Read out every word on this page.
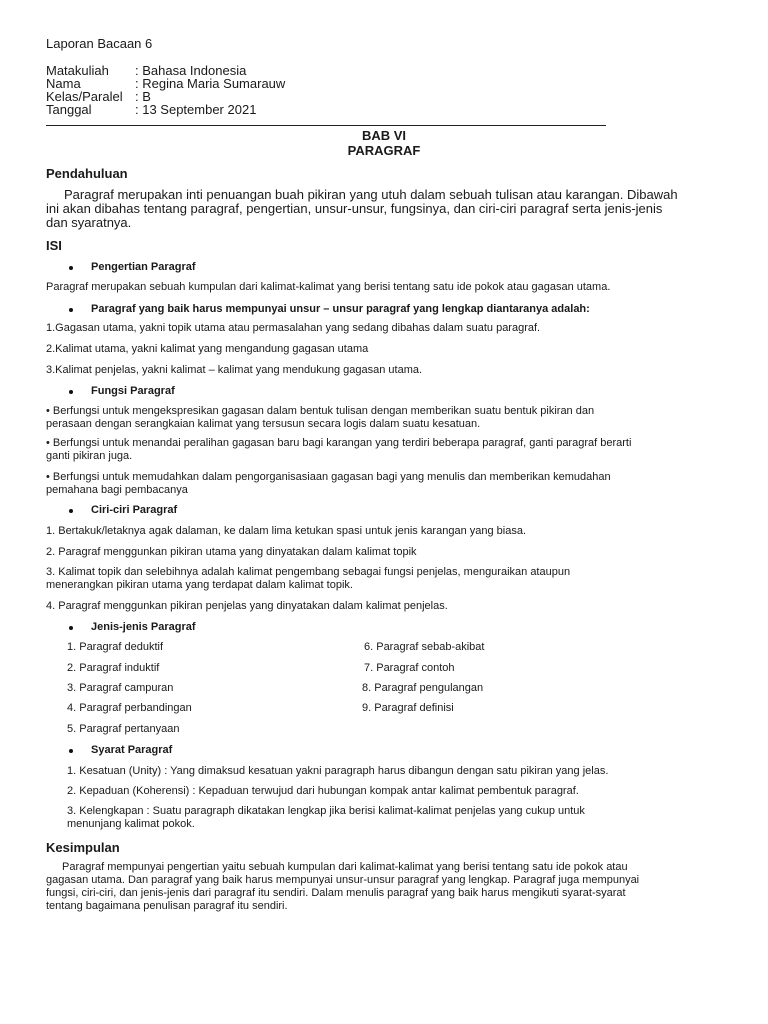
Laporan Bacaan 6
Matakuliah : Bahasa Indonesia
Nama	: Regina Maria Sumarauw
Kelas/Paralel : B
Tanggal	: 13 September 2021
BAB VI
PARAGRAF
Pendahuluan
Paragraf merupakan inti penuangan buah pikiran yang utuh dalam sebuah tulisan atau karangan. Dibawah
ini akan dibahas tentang paragraf, pengertian, unsur-unsur, fungsinya, dan ciri-ciri paragraf serta jenis-jenis
dan syaratnya.
ISI
Pengertian Paragraf
Paragraf merupakan sebuah kumpulan dari kalimat-kalimat yang berisi tentang satu ide pokok atau gagasan utama.
Paragraf yang baik harus mempunyai unsur – unsur paragraf yang lengkap diantaranya adalah:
1.Gagasan utama, yakni topik utama atau permasalahan yang sedang dibahas dalam suatu paragraf.
2.Kalimat utama, yakni kalimat yang mengandung gagasan utama
3.Kalimat penjelas, yakni kalimat – kalimat yang mendukung gagasan utama.
Fungsi Paragraf
• Berfungsi untuk mengekspresikan gagasan dalam bentuk tulisan dengan memberikan suatu bentuk pikiran dan
perasaan dengan serangkaian kalimat yang tersusun secara logis dalam suatu kesatuan.
• Berfungsi untuk menandai peralihan gagasan baru bagi karangan yang terdiri beberapa paragraf, ganti paragraf berarti
ganti pikiran juga.
• Berfungsi untuk memudahkan dalam pengorganisasiaan gagasan bagi yang menulis dan memberikan kemudahan
pemahana bagi pembacanya
Ciri-ciri Paragraf
1. Bertakuk/letaknya agak dalaman, ke dalam lima ketukan spasi untuk jenis karangan yang biasa.
2. Paragraf menggunkan pikiran utama yang dinyatakan dalam kalimat topik
3. Kalimat topik dan selebihnya adalah kalimat pengembang sebagai fungsi penjelas, menguraikan ataupun
menerangkan pikiran utama yang terdapat dalam kalimat topik.
4. Paragraf menggunkan pikiran penjelas yang dinyatakan dalam kalimat penjelas.
Jenis-jenis Paragraf
1. Paragraf deduktif
2. Paragraf induktif
3. Paragraf campuran
4. Paragraf perbandingan
5. Paragraf pertanyaan
6. Paragraf sebab-akibat
7. Paragraf contoh
8. Paragraf pengulangan
9. Paragraf definisi
Syarat Paragraf
1. Kesatuan (Unity) : Yang dimaksud kesatuan yakni paragraph harus dibangun dengan satu pikiran yang jelas.
2. Kepaduan (Koherensi) : Kepaduan terwujud dari hubungan kompak antar kalimat pembentuk paragraf.
3. Kelengkapan : Suatu paragraph dikatakan lengkap jika berisi kalimat-kalimat penjelas yang cukup untuk
menunjang kalimat pokok.
Kesimpulan
Paragraf mempunyai pengertian yaitu sebuah kumpulan dari kalimat-kalimat yang berisi tentang satu ide pokok atau
gagasan utama. Dan paragraf yang baik harus mempunyai unsur-unsur paragraf yang lengkap. Paragraf juga mempunyai
fungsi, ciri-ciri, dan jenis-jenis dari paragraf itu sendiri. Dalam menulis paragraf yang baik harus mengikuti syarat-syarat
tentang bagaimana penulisan paragraf itu sendiri.
